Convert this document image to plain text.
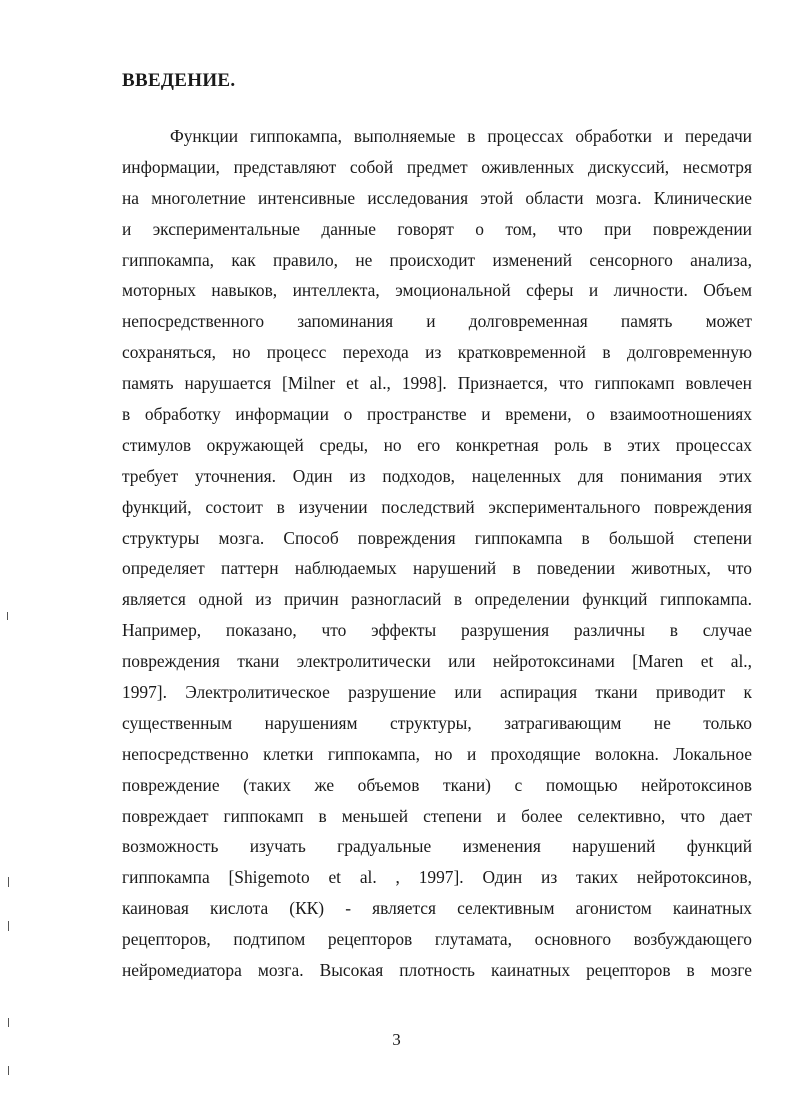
ВВЕДЕНИЕ.
Функции гиппокампа, выполняемые в процессах обработки и передачи
информации, представляют собой предмет оживленных дискуссий, несмотря
на многолетние интенсивные исследования этой области мозга. Клинические
и экспериментальные данные говорят о том, что при повреждении
гиппокампа, как правило, не происходит изменений сенсорного анализа,
моторных навыков, интеллекта, эмоциональной сферы и личности. Объем
непосредственного запоминания и долговременная память может
сохраняться, но процесс перехода из кратковременной в долговременную
память нарушается [Milner et al., 1998]. Признается, что гиппокамп вовлечен
в обработку информации о пространстве и времени, о взаимоотношениях
стимулов окружающей среды, но его конкретная роль в этих процессах
требует уточнения. Один из подходов, нацеленных для понимания этих
функций, состоит в изучении последствий экспериментального повреждения
структуры мозга. Способ повреждения гиппокампа в большой степени
определяет паттерн наблюдаемых нарушений в поведении животных, что
является одной из причин разногласий в определении функций гиппокампа.
Например, показано, что эффекты разрушения различны в случае
повреждения ткани электролитически или нейротоксинами [Maren et al.,
1997]. Электролитическое разрушение или аспирация ткани приводит к
существенным нарушениям структуры, затрагивающим не только
непосредственно клетки гиппокампа, но и проходящие волокна. Локальное
повреждение (таких же объемов ткани) с помощью нейротоксинов
повреждает гиппокамп в меньшей степени и более селективно, что дает
возможность изучать градуальные изменения нарушений функций
гиппокампа [Shigemoto et al. , 1997]. Один из таких нейротоксинов,
каиновая кислота (КК) - является селективным агонистом каинатных
рецепторов, подтипом рецепторов глутамата, основного возбуждающего
нейромедиатора мозга. Высокая плотность каинатных рецепторов в мозге
3
